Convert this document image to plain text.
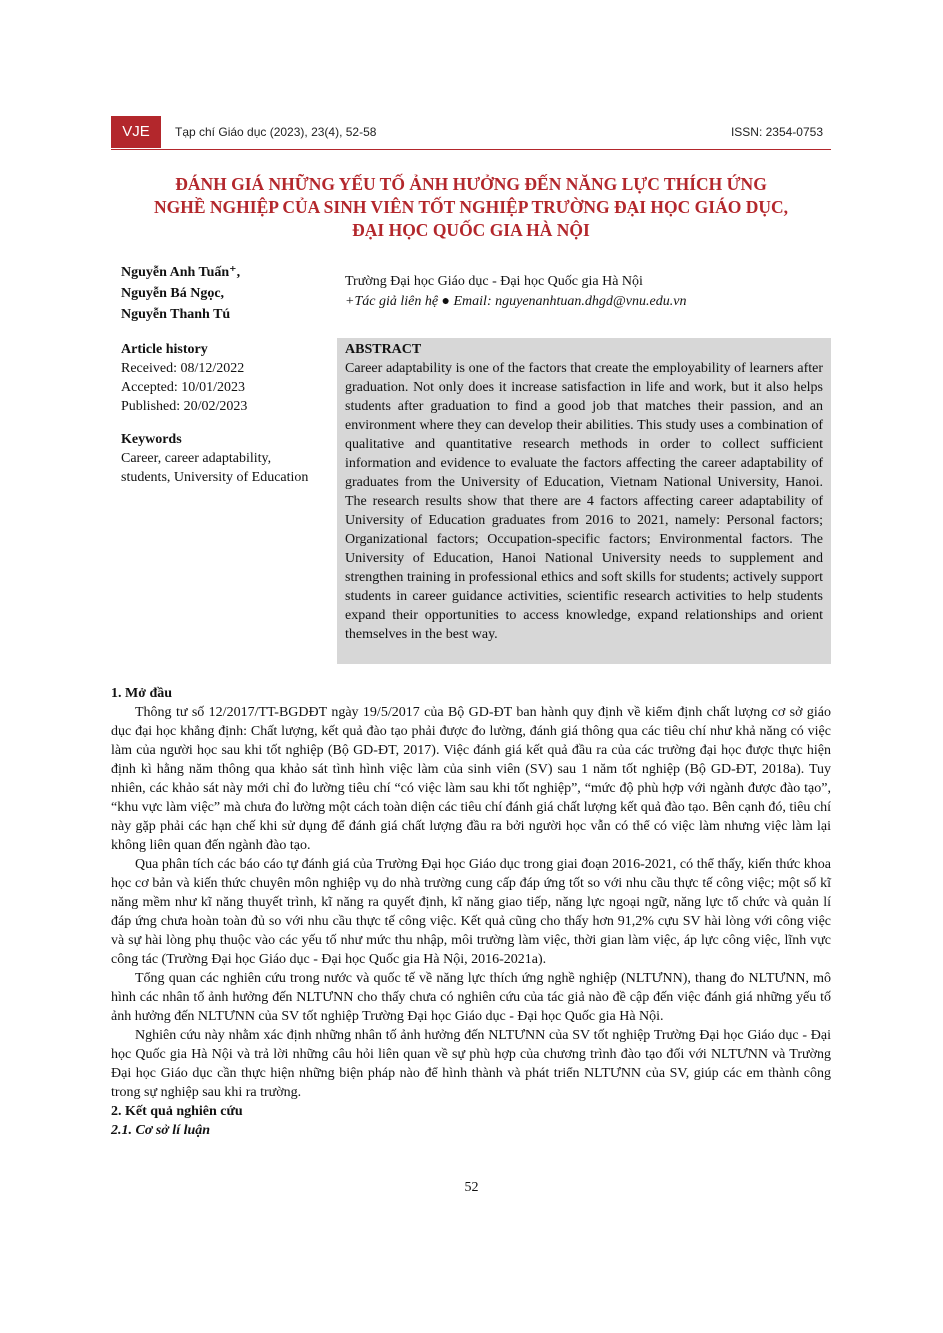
VJE	Tạp chí Giáo dục (2023), 23(4), 52-58	ISSN: 2354-0753
ĐÁNH GIÁ NHỮNG YẾU TỐ ẢNH HƯỞNG ĐẾN NĂNG LỰC THÍCH ỨNG
NGHỀ NGHIỆP CỦA SINH VIÊN TỐT NGHIỆP TRƯỜNG ĐẠI HỌC GIÁO DỤC,
ĐẠI HỌC QUỐC GIA HÀ NỘI
Nguyễn Anh Tuấn⁺,
Nguyễn Bá Ngọc,
Nguyễn Thanh Tú
Trường Đại học Giáo dục - Đại học Quốc gia Hà Nội
+Tác giả liên hệ ● Email: nguyenanhtuan.dhgd@vnu.edu.vn
Article history
Received: 08/12/2022
Accepted: 10/01/2023
Published: 20/02/2023
Keywords
Career, career adaptability, students, University of Education
ABSTRACT
Career adaptability is one of the factors that create the employability of learners after graduation. Not only does it increase satisfaction in life and work, but it also helps students after graduation to find a good job that matches their passion, and an environment where they can develop their abilities. This study uses a combination of qualitative and quantitative research methods in order to collect sufficient information and evidence to evaluate the factors affecting the career adaptability of graduates from the University of Education, Vietnam National University, Hanoi. The research results show that there are 4 factors affecting career adaptability of University of Education graduates from 2016 to 2021, namely: Personal factors; Organizational factors; Occupation-specific factors; Environmental factors. The University of Education, Hanoi National University needs to supplement and strengthen training in professional ethics and soft skills for students; actively support students in career guidance activities, scientific research activities to help students expand their opportunities to access knowledge, expand relationships and orient themselves in the best way.
1. Mở đầu

Thông tư số 12/2017/TT-BGDĐT ngày 19/5/2017 của Bộ GD-ĐT ban hành quy định về kiểm định chất lượng cơ sở giáo dục đại học khẳng định: Chất lượng, kết quả đào tạo phải được đo lường, đánh giá thông qua các tiêu chí như khả năng có việc làm của người học sau khi tốt nghiệp (Bộ GD-ĐT, 2017). Việc đánh giá kết quả đầu ra của các trường đại học được thực hiện định kì hằng năm thông qua khảo sát tình hình việc làm của sinh viên (SV) sau 1 năm tốt nghiệp (Bộ GD-ĐT, 2018a). Tuy nhiên, các khảo sát này mới chỉ đo lường tiêu chí “có việc làm sau khi tốt nghiệp”, “mức độ phù hợp với ngành được đào tạo”, “khu vực làm việc” mà chưa đo lường một cách toàn diện các tiêu chí đánh giá chất lượng kết quả đào tạo. Bên cạnh đó, tiêu chí này gặp phải các hạn chế khi sử dụng để đánh giá chất lượng đầu ra bởi người học vẫn có thể có việc làm nhưng việc làm lại không liên quan đến ngành đào tạo.

Qua phân tích các báo cáo tự đánh giá của Trường Đại học Giáo dục trong giai đoạn 2016-2021, có thể thấy, kiến thức khoa học cơ bản và kiến thức chuyên môn nghiệp vụ do nhà trường cung cấp đáp ứng tốt so với nhu cầu thực tế công việc; một số kĩ năng mềm như kĩ năng thuyết trình, kĩ năng ra quyết định, kĩ năng giao tiếp, năng lực ngoại ngữ, năng lực tổ chức và quản lí đáp ứng chưa hoàn toàn đủ so với nhu cầu thực tế công việc. Kết quả cũng cho thấy hơn 91,2% cựu SV hài lòng với công việc và sự hài lòng phụ thuộc vào các yếu tố như mức thu nhập, môi trường làm việc, thời gian làm việc, áp lực công việc, lĩnh vực công tác (Trường Đại học Giáo dục - Đại học Quốc gia Hà Nội, 2016-2021a).

Tổng quan các nghiên cứu trong nước và quốc tế về năng lực thích ứng nghề nghiệp (NLTƯNN), thang đo NLTƯNN, mô hình các nhân tố ảnh hưởng đến NLTƯNN cho thấy chưa có nghiên cứu của tác giả nào đề cập đến việc đánh giá những yếu tố ảnh hưởng đến NLTƯNN của SV tốt nghiệp Trường Đại học Giáo dục - Đại học Quốc gia Hà Nội.

Nghiên cứu này nhằm xác định những nhân tố ảnh hưởng đến NLTƯNN của SV tốt nghiệp Trường Đại học Giáo dục - Đại học Quốc gia Hà Nội và trả lời những câu hỏi liên quan về sự phù hợp của chương trình đào tạo đối với NLTƯNN và Trường Đại học Giáo dục cần thực hiện những biện pháp nào để hình thành và phát triển NLTƯNN của SV, giúp các em thành công trong sự nghiệp sau khi ra trường.

2. Kết quả nghiên cứu
2.1. Cơ sở lí luận
52
